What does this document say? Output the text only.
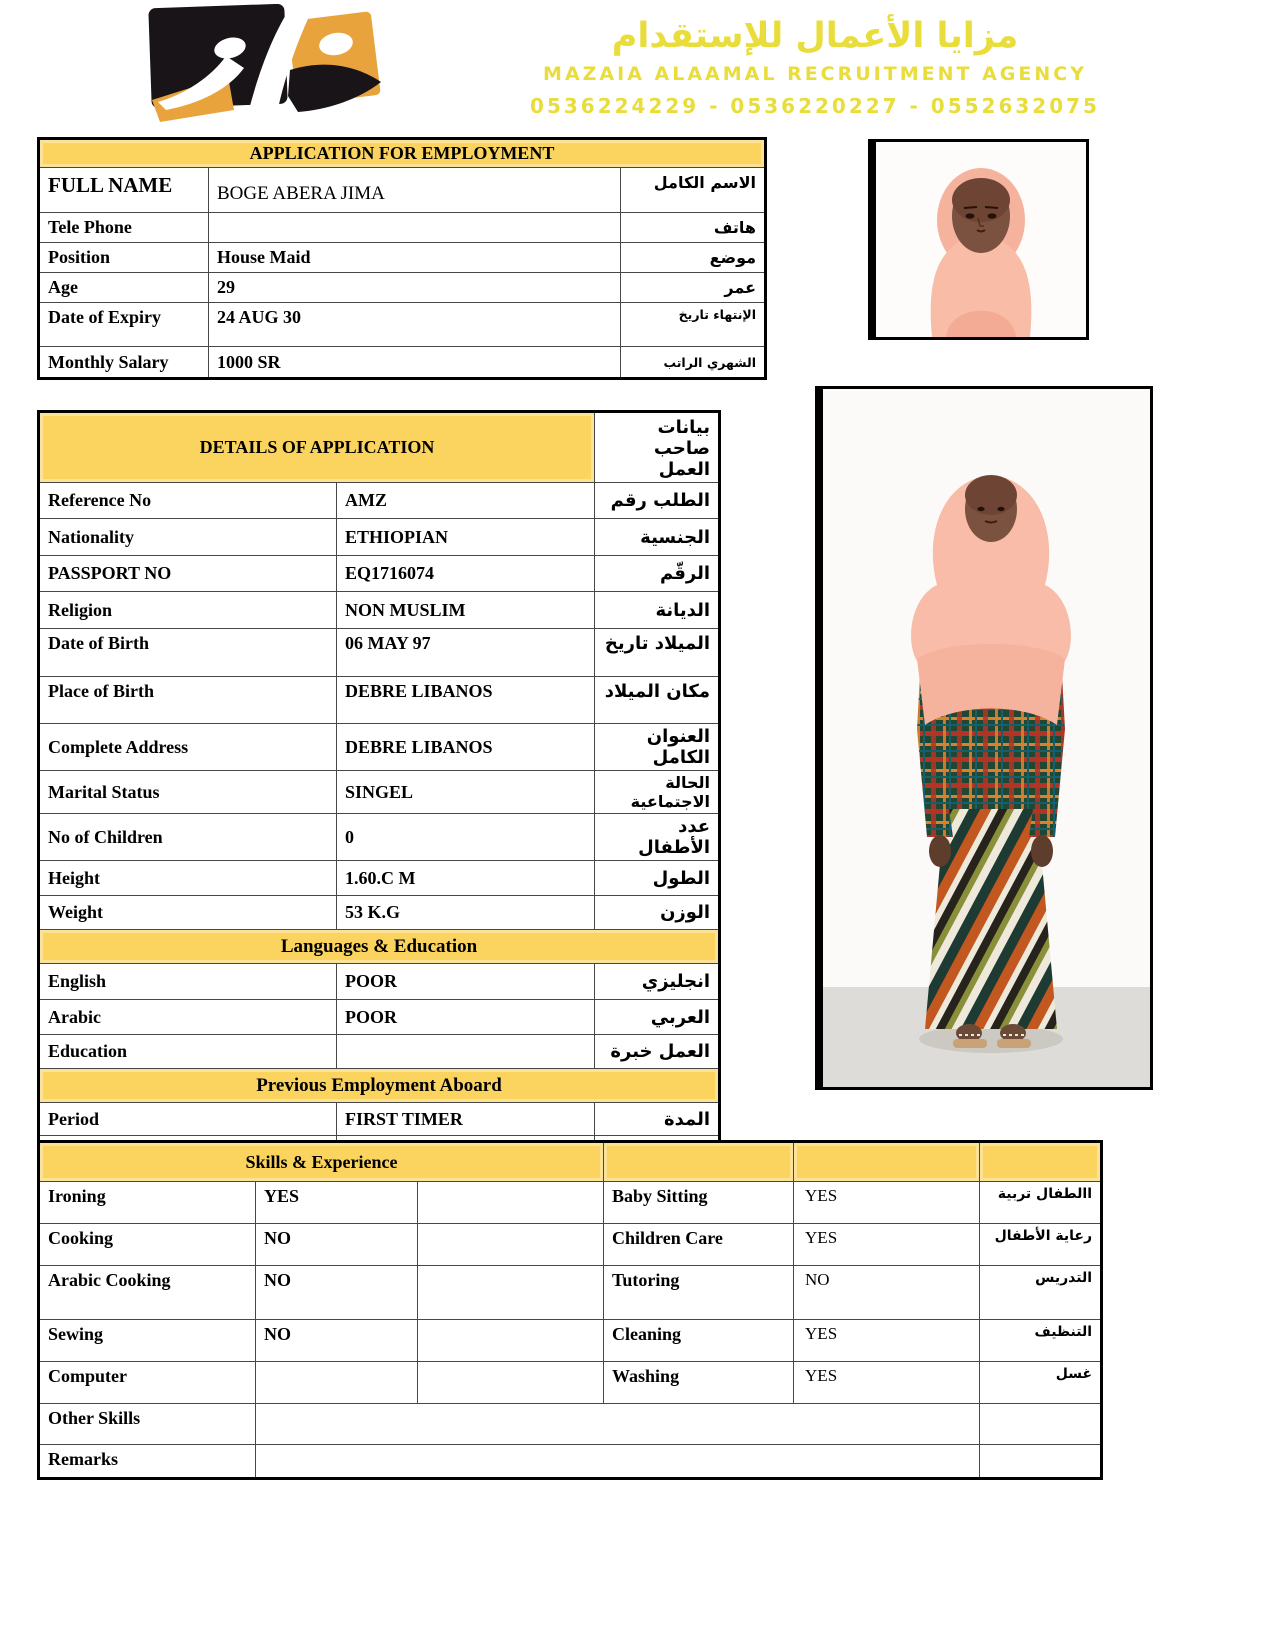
مزايا الأعمال للإستقدام
MAZAIA ALAAMAL RECRUITMENT AGENCY
0536224229 - 0536220227 - 0552632075
APPLICATION FOR EMPLOYMENT		
FULL NAME	BOGE ABERA JIMA	الاسم الكامل
Tele Phone		هاتف
Position	House Maid	موضع
Age	29	عمر
Date of Expiry	24 AUG 30	الإنتهاء تاريخ
Monthly Salary	1000 SR	الشهري الراتب
DETAILS OF APPLICATION		بيانات صاحب العمل
Reference No	AMZ	الطلب رقم
Nationality	ETHIOPIAN	الجنسية
PASSPORT NO	EQ1716074	الرقّم
Religion	NON MUSLIM	الديانة
Date of Birth	06 MAY 97	الميلاد تاريخ
Place of Birth	DEBRE LIBANOS	مكان الميلاد
Complete Address	DEBRE LIBANOS	العنوان الكامل
Marital Status	SINGEL	الحالة الاجتماعية
No of Children	0	عدد الأطفال
Height	1.60.C M	الطول
Weight	53 K.G	الوزن
Languages & Education		
English	POOR	انجليزي
Arabic	POOR	العربي
Education		العمل خبرة
Previous Employment Aboard		
Period	FIRST TIMER	المدة

Skills & Experience					
Ironing	YES		Baby Sitting	YES	االطفال تربية
Cooking	NO		Children Care	YES	رعاية الأطفال
Arabic Cooking	NO		Tutoring	NO	التدريس
Sewing	NO		Cleaning	YES	التنظيف
Computer			Washing	YES	غسل
Other Skills					
Remarks					
